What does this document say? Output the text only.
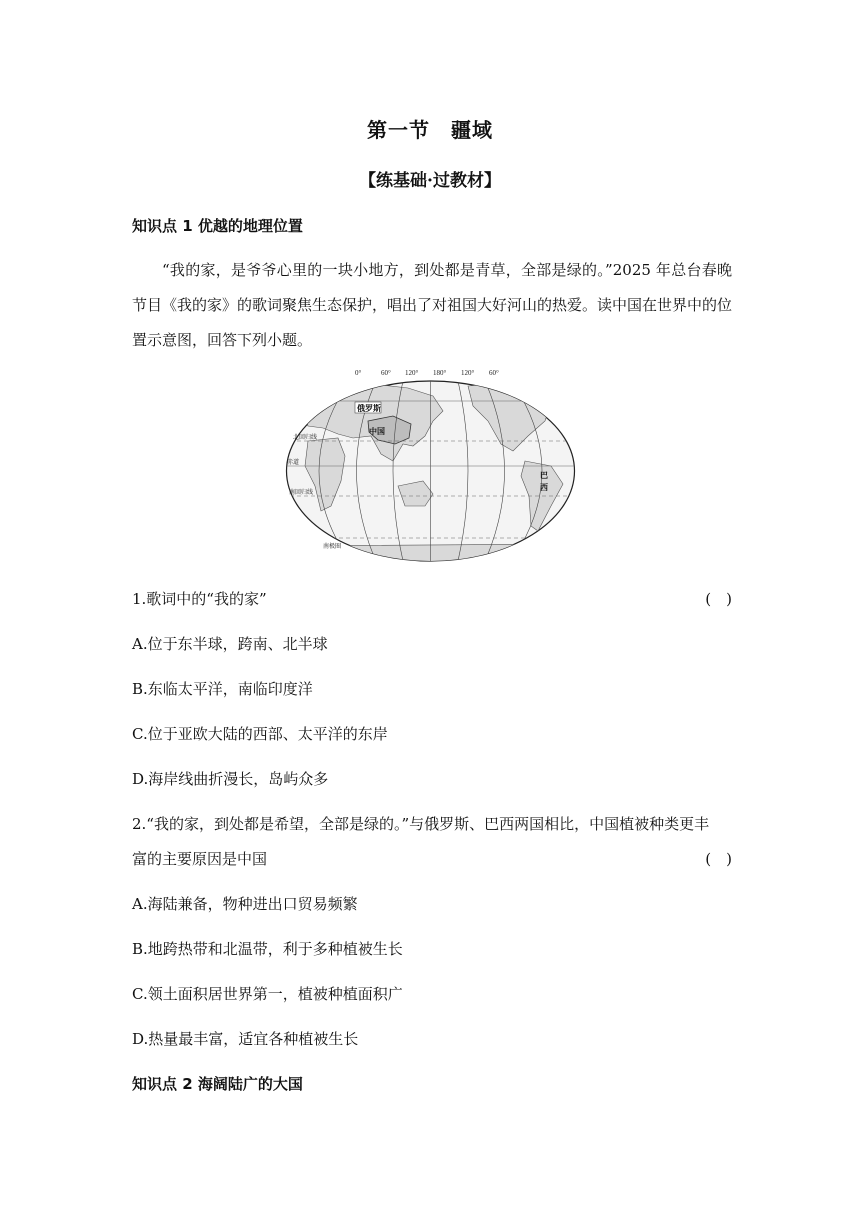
第一节　疆域
【练基础·过教材】
知识点 1 优越的地理位置
“我的家，是爷爷心里的一块小地方，到处都是青草，全部是绿的。”2025 年总台春晚节目《我的家》的歌词聚焦生态保护，唱出了对祖国大好河山的热爱。读中国在世界中的位置示意图，回答下列小题。
0°	60° 120° 180° 120° 60°
俄罗斯
中国
巴
西
北回归线
赤道
南回归线
南极圈
1.歌词中的“我的家”	(　)
A.位于东半球，跨南、北半球
B.东临太平洋，南临印度洋
C.位于亚欧大陆的西部、太平洋的东岸
D.海岸线曲折漫长，岛屿众多
2.“我的家，到处都是希望，全部是绿的。”与俄罗斯、巴西两国相比，中国植被种类更丰
富的主要原因是中国	(　)
A.海陆兼备，物种进出口贸易频繁
B.地跨热带和北温带，利于多种植被生长
C.领土面积居世界第一，植被种植面积广
D.热量最丰富，适宜各种植被生长
知识点 2 海阔陆广的大国
